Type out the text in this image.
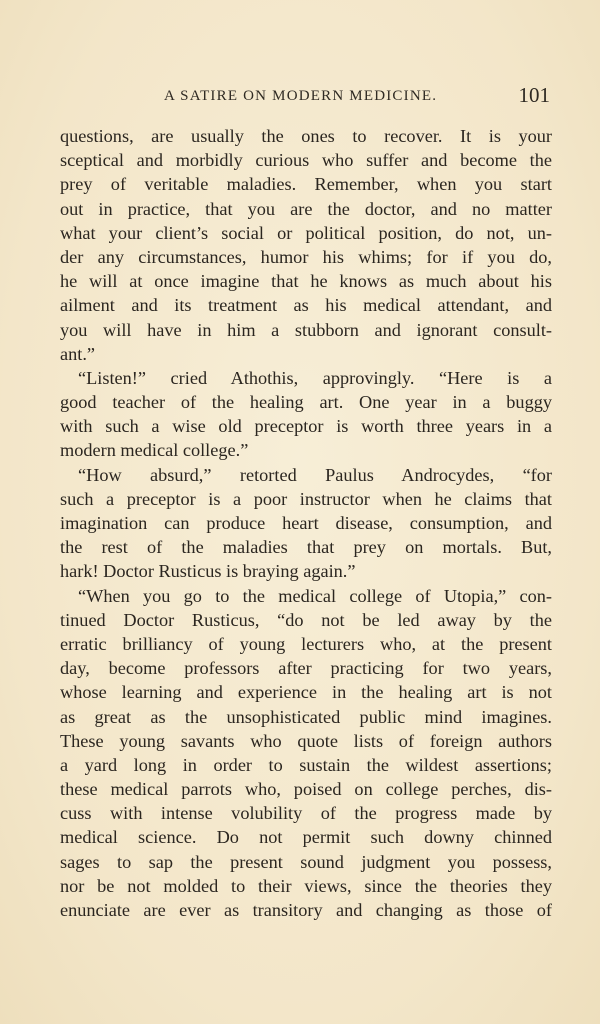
A SATIRE ON MODERN MEDICINE.	101
questions, are usually the ones to recover. It is your
sceptical and morbidly curious who suffer and become the
prey of veritable maladies. Remember, when you start
out in practice, that you are the doctor, and no matter
what your client’s social or political position, do not, un-
der any circumstances, humor his whims; for if you do,
he will at once imagine that he knows as much about his
ailment and its treatment as his medical attendant, and
you will have in him a stubborn and ignorant consult-
ant.”
“Listen!” cried Athothis, approvingly. “Here is a
good teacher of the healing art. One year in a buggy
with such a wise old preceptor is worth three years in a
modern medical college.”
“How absurd,” retorted Paulus Androcydes, “for
such a preceptor is a poor instructor when he claims that
imagination can produce heart disease, consumption, and
the rest of the maladies that prey on mortals. But,
hark! Doctor Rusticus is braying again.”
“When you go to the medical college of Utopia,” con-
tinued Doctor Rusticus, “do not be led away by the
erratic brilliancy of young lecturers who, at the present
day, become professors after practicing for two years,
whose learning and experience in the healing art is not
as great as the unsophisticated public mind imagines.
These young savants who quote lists of foreign authors
a yard long in order to sustain the wildest assertions;
these medical parrots who, poised on college perches, dis-
cuss with intense volubility of the progress made by
medical science. Do not permit such downy chinned
sages to sap the present sound judgment you possess,
nor be not molded to their views, since the theories they
enunciate are ever as transitory and changing as those of
